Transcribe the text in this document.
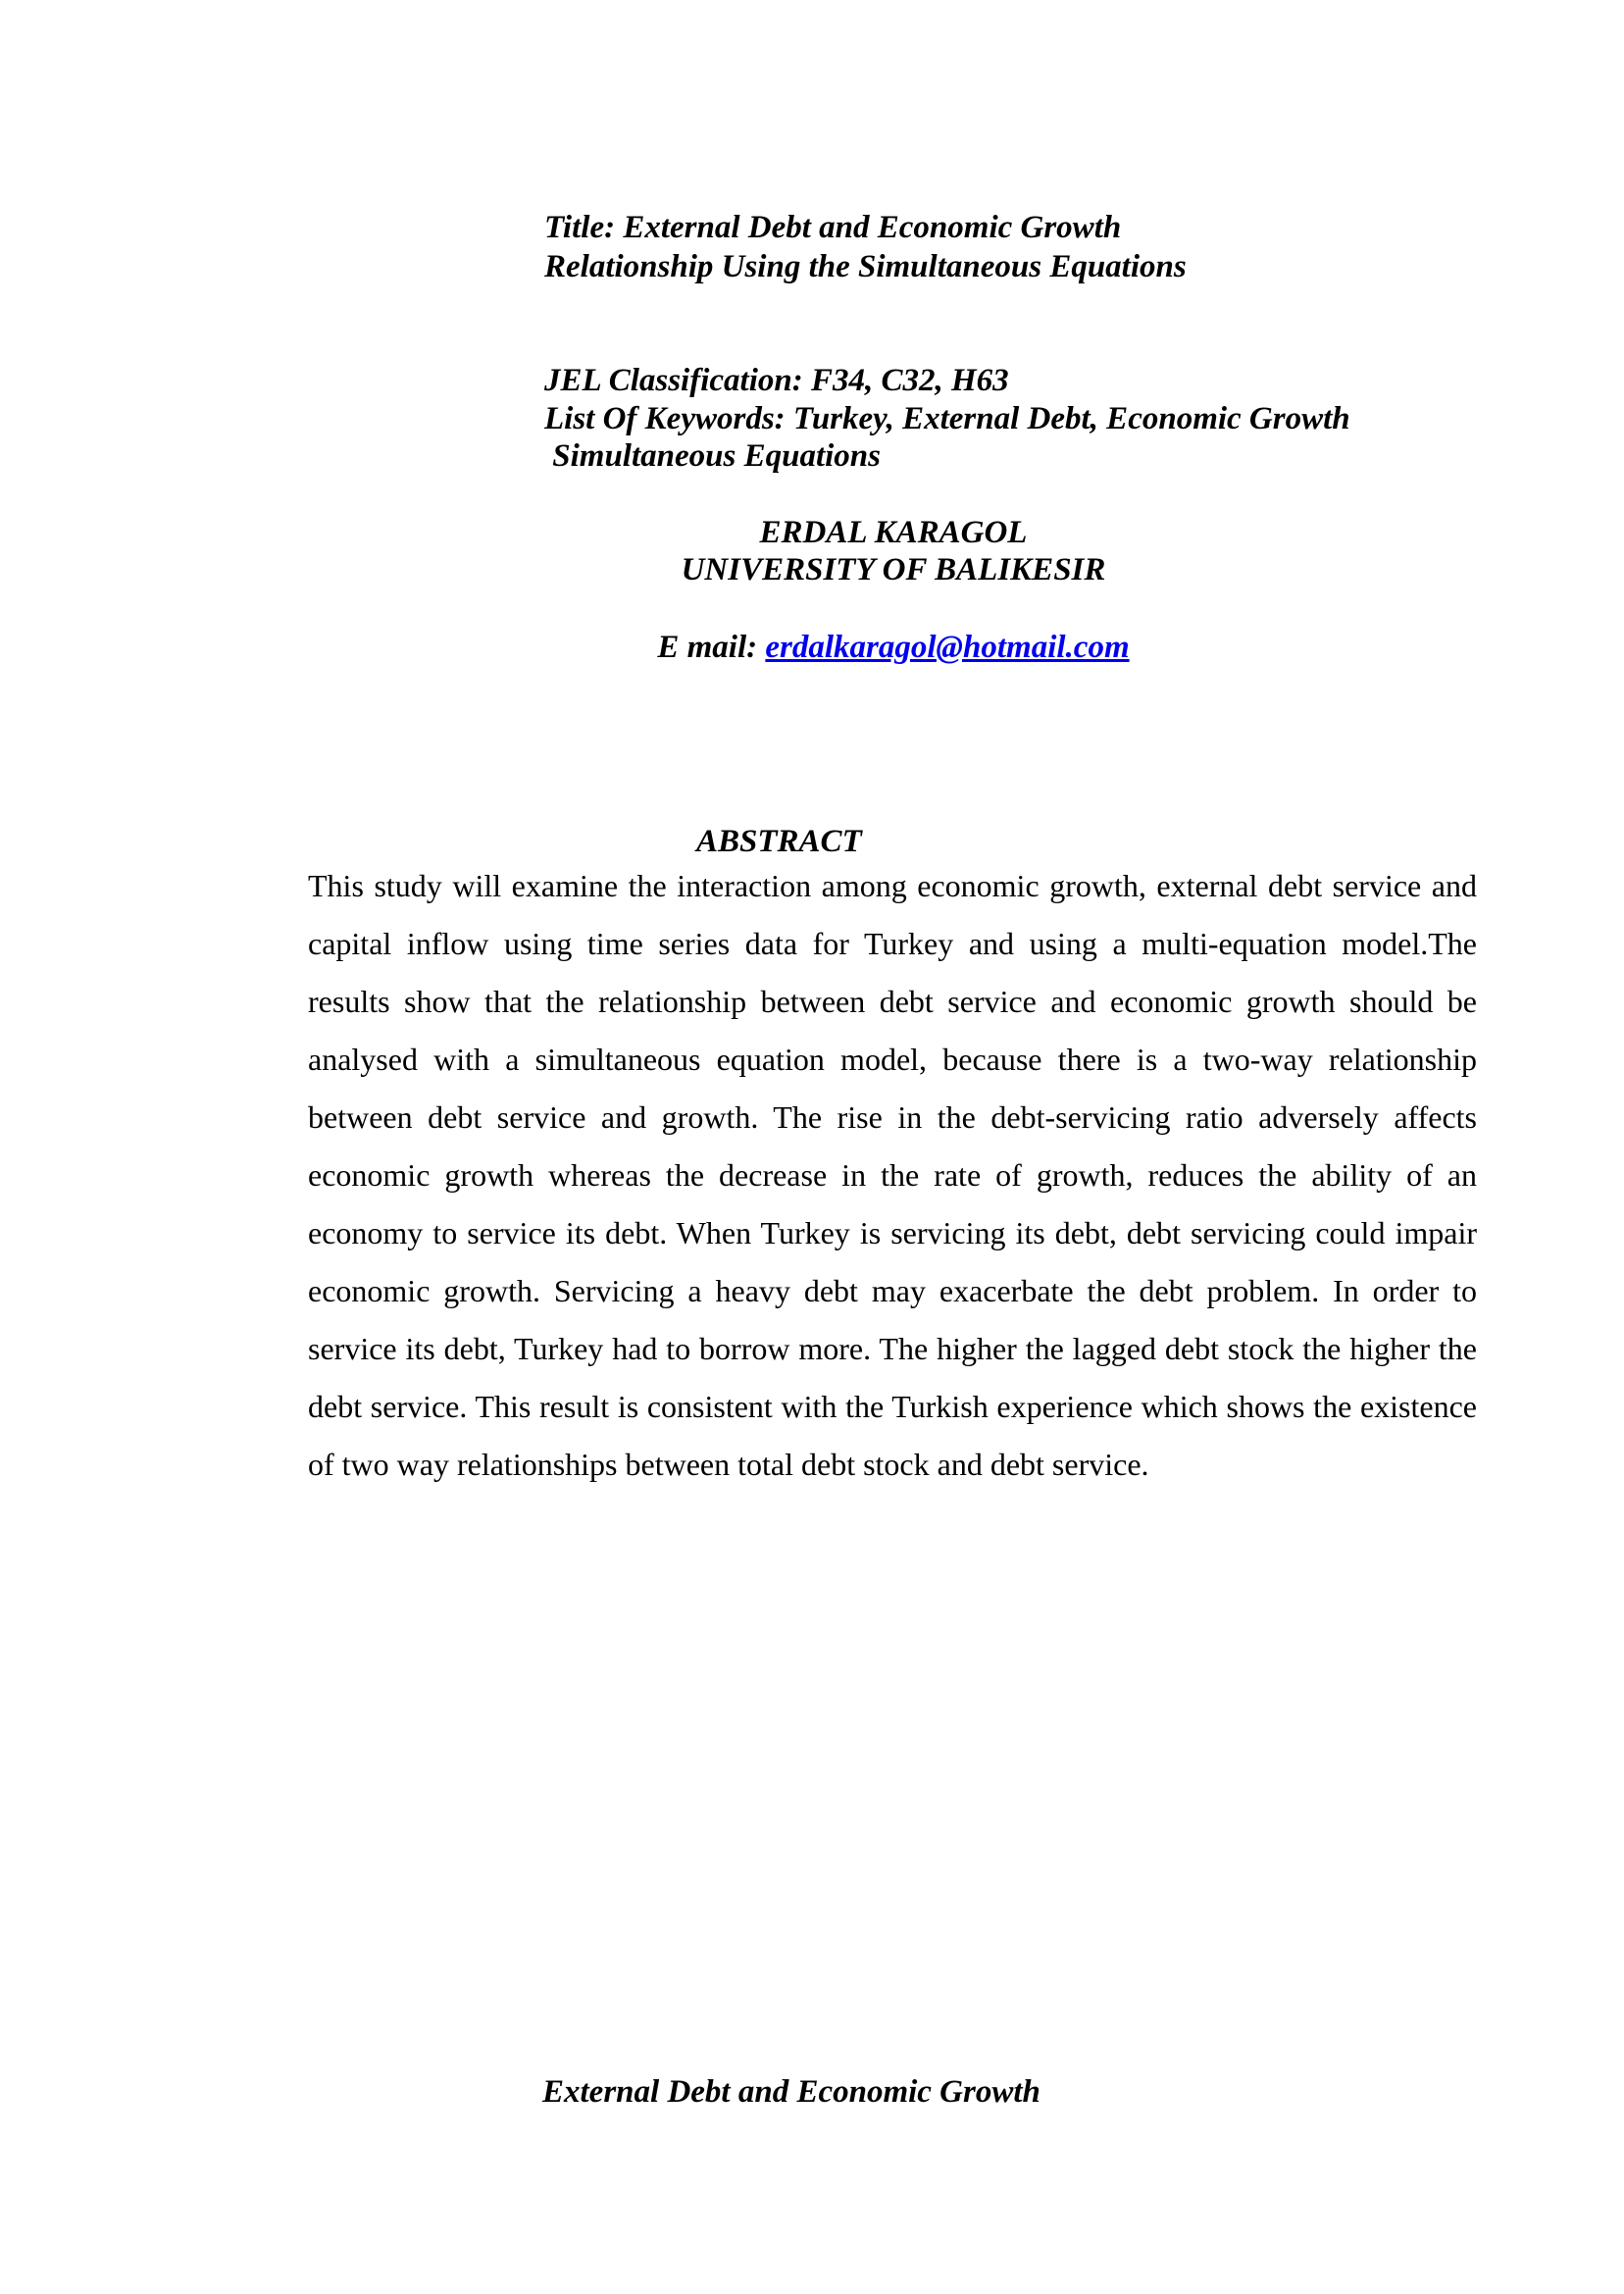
Title: External Debt and Economic Growth
Relationship Using the Simultaneous Equations
JEL Classification: F34, C32, H63
List Of Keywords: Turkey, External Debt, Economic Growth
Simultaneous Equations
ERDAL KARAGOL
UNIVERSITY OF BALIKESIR
E mail: erdalkaragol@hotmail.com
ABSTRACT

This study will examine the interaction among economic growth, external debt service and capital inflow using time series data for Turkey and using a multi-equation model.The results show that the relationship between debt service and economic growth should be analysed with a simultaneous equation model, because there is a two-way relationship between debt service and growth. The rise in the debt-servicing ratio adversely affects economic growth whereas the decrease in the rate of growth, reduces the ability of an economy to service its debt. When Turkey is servicing its debt, debt servicing could impair economic growth. Servicing a heavy debt may exacerbate the debt problem. In order to service its debt, Turkey had to borrow more. The higher the lagged debt stock the higher the debt service. This result is consistent with the Turkish experience which shows the existence of two way relationships between total debt stock and debt service.

External Debt and Economic Growth
